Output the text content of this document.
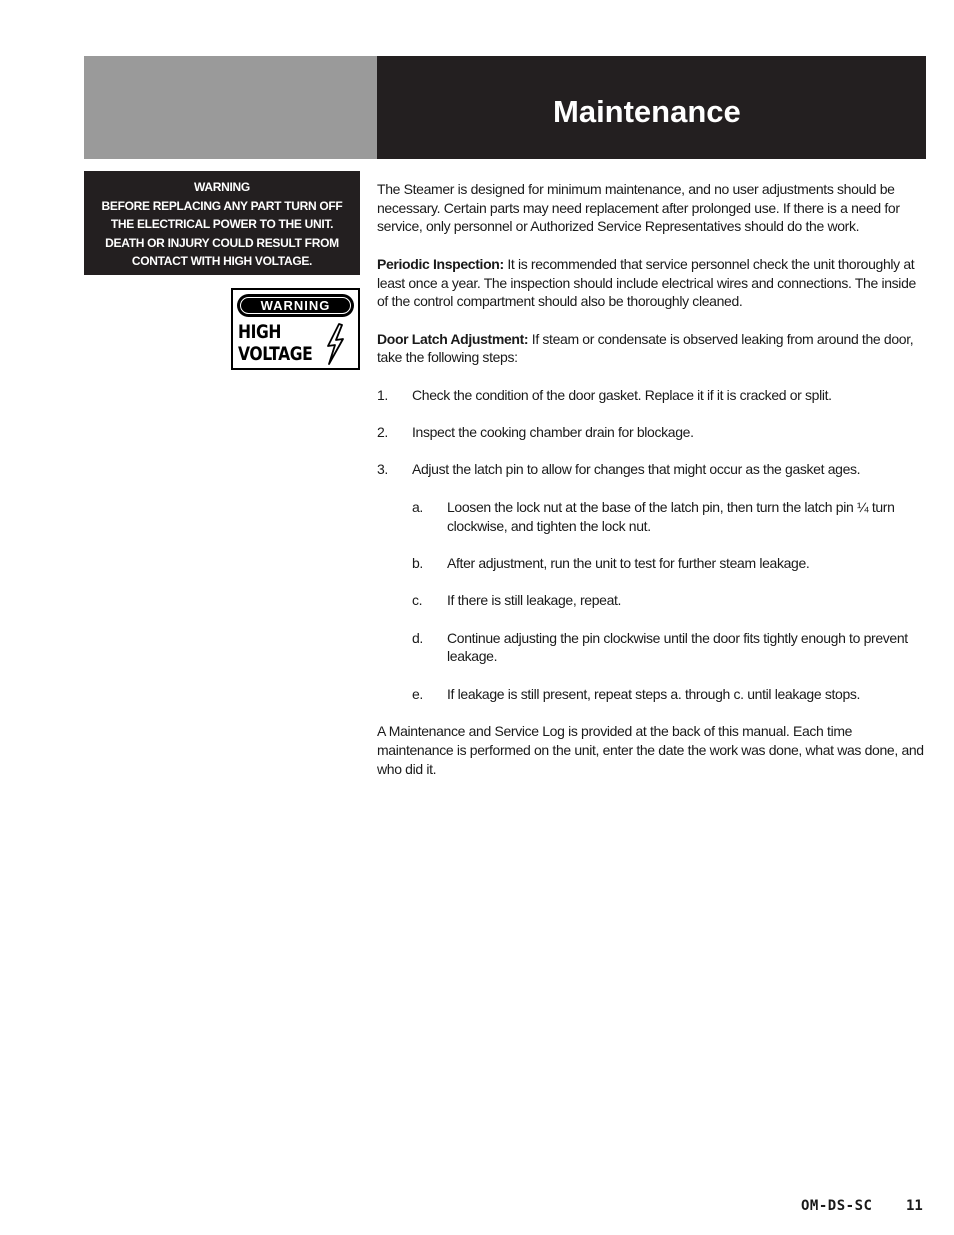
Maintenance
WARNING
BEFORE REPLACING ANY PART TURN OFF
THE ELECTRICAL POWER TO THE UNIT.
DEATH OR INJURY COULD RESULT FROM
CONTACT WITH HIGH VOLTAGE.
WARNING
HIGH
VOLTAGE

The Steamer is designed for minimum maintenance, and no user adjustments should be necessary. Certain parts may need replacement after prolonged use. If there is a need for service, only personnel or Authorized Service Representatives should do the work.

Periodic Inspection: It is recommended that service personnel check the unit thoroughly at least once a year. The inspection should include electrical wires and connections. The inside of the control compartment should also be thoroughly cleaned.

Door Latch Adjustment: If steam or condensate is observed leaking from around the door, take the following steps:

1. Check the condition of the door gasket. Replace it if it is cracked or split.
2. Inspect the cooking chamber drain for blockage.
3. Adjust the latch pin to allow for changes that might occur as the gasket ages.
a. Loosen the lock nut at the base of the latch pin, then turn the latch pin ¼ turn clockwise, and tighten the lock nut.
b. After adjustment, run the unit to test for further steam leakage.
c. If there is still leakage, repeat.
d. Continue adjusting the pin clockwise until the door fits tightly enough to prevent leakage.
e. If leakage is still present, repeat steps a. through c. until leakage stops.

A Maintenance and Service Log is provided at the back of this manual. Each time maintenance is performed on the unit, enter the date the work was done, what was done, and who did it.

OM-DS-SC 11
